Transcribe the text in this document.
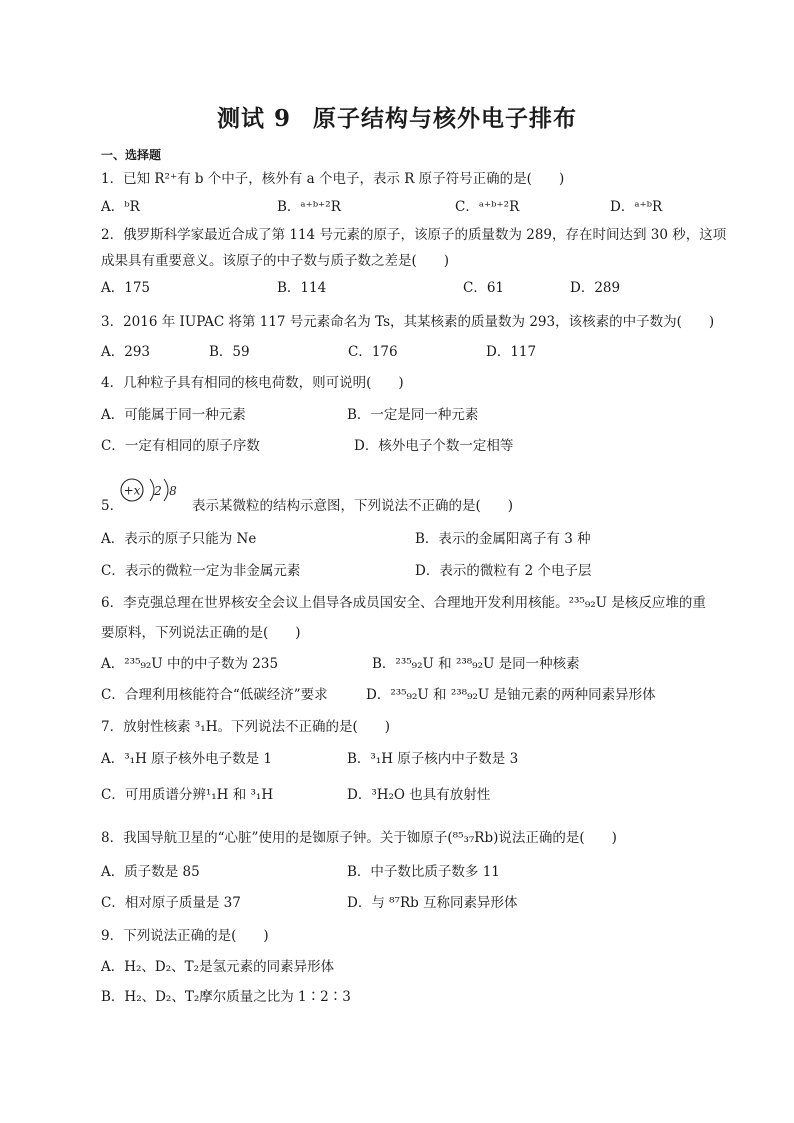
测试 9 原子结构与核外电子排布
一、选择题
1．已知 R²⁺有 b 个中子，核外有 a 个电子，表示 R 原子符号正确的是(　　)
A．ᵇR	B．ᵃ⁺ᵇ⁺²R	C．ᵃ⁺ᵇ⁺²R	D．ᵃ⁺ᵇR
2．俄罗斯科学家最近合成了第 114 号元素的原子，该原子的质量数为 289，存在时间达到 30 秒，这项
成果具有重要意义。该原子的中子数与质子数之差是(　　)
A．175	B．114	C．61	D．289
3．2016 年 IUPAC 将第 117 号元素命名为 Ts，其某核素的质量数为 293，该核素的中子数为(　　)
A．293	B．59	C．176	D．117
4．几种粒子具有相同的核电荷数，则可说明(　　)
A．可能属于同一种元素	B．一定是同一种元素
C．一定有相同的原子序数	D．核外电子个数一定相等
+x 2 8
5．	表示某微粒的结构示意图，下列说法不正确的是(　　)
A．表示的原子只能为 Ne	B．表示的金属阳离子有 3 种
C．表示的微粒一定为非金属元素	D．表示的微粒有 2 个电子层
6．李克强总理在世界核安全会议上倡导各成员国安全、合理地开发利用核能。²³⁵₉₂U 是核反应堆的重
要原料，下列说法正确的是(　　)
A．²³⁵₉₂U 中的中子数为 235	B．²³⁵₉₂U 和 ²³⁸₉₂U 是同一种核素
C．合理利用核能符合“低碳经济”要求	D．²³⁵₉₂U 和 ²³⁸₉₂U 是铀元素的两种同素异形体
7．放射性核素 ³₁H。下列说法不正确的是(　　)
A．³₁H 原子核外电子数是 1	B．³₁H 原子核内中子数是 3
C．可用质谱分辨¹₁H 和 ³₁H	D．³H₂O 也具有放射性
8．我国导航卫星的“心脏”使用的是铷原子钟。关于铷原子(⁸⁵₃₇Rb)说法正确的是(　　)
A．质子数是 85	B．中子数比质子数多 11
C．相对原子质量是 37	D．与 ⁸⁷Rb 互称同素异形体
9．下列说法正确的是(　　)
A．H₂、D₂、T₂是氢元素的同素异形体
B．H₂、D₂、T₂摩尔质量之比为 1∶2∶3
